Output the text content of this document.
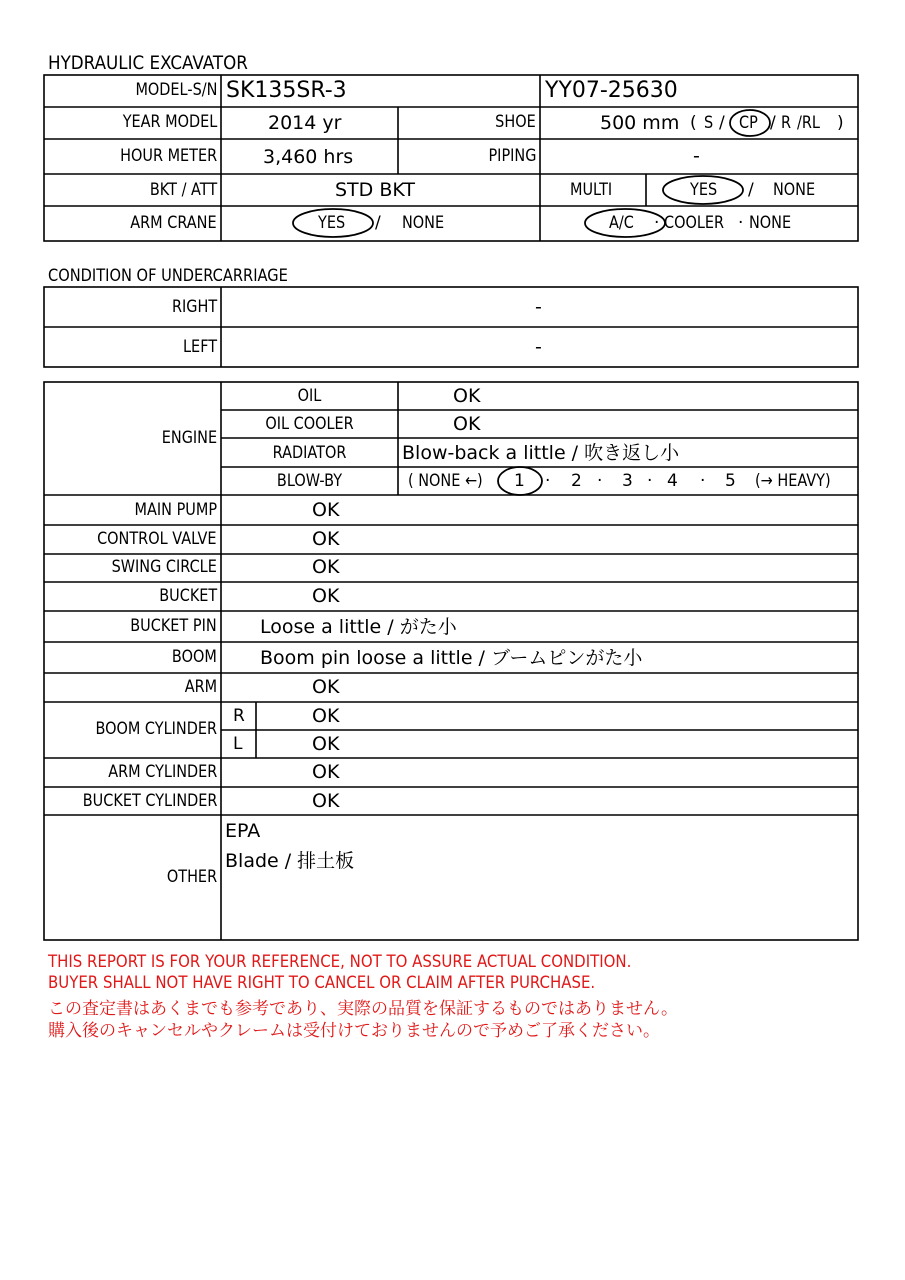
HYDRAULIC EXCAVATOR
MODEL-S/N SK135SR-3	YY07-25630
YEAR MODEL	2014 yr	SHOE	500 mm ( S / CP / R /RL )
HOUR METER 3,460 hrs	PIPING	-
BKT / ATT	STD BKT	MULTI	YES / NONE
ARM CRANE	YES / NONE	A/C · COOLER · NONE
CONDITION OF UNDERCARRIAGE
RIGHT	-
LEFT	-
ENGINE
OIL	OK
OIL COOLER	OK
RADIATOR	Blow-back a little / 吹き返し小
BLOW-BY	( NONE ←) 1 · 2 · 3 · 4 · 5 (→ HEAVY)
MAIN PUMP	OK
CONTROL VALVE	OK
SWING CIRCLE	OK
BUCKET	OK
BUCKET PIN Loose a little / がた小
BOOM Boom pin loose a little / ブームピンがた小
ARM	OK
BOOM CYLINDER
R	OK
L	OK
ARM CYLINDER	OK
BUCKET CYLINDER	OK
OTHER
EPA
Blade / 排土板
THIS REPORT IS FOR YOUR REFERENCE, NOT TO ASSURE ACTUAL CONDITION.
BUYER SHALL NOT HAVE RIGHT TO CANCEL OR CLAIM AFTER PURCHASE.
この査定書はあくまでも参考であり、実際の品質を保証するものではありません。
購入後のキャンセルやクレームは受付けておりませんので予めご了承ください。
